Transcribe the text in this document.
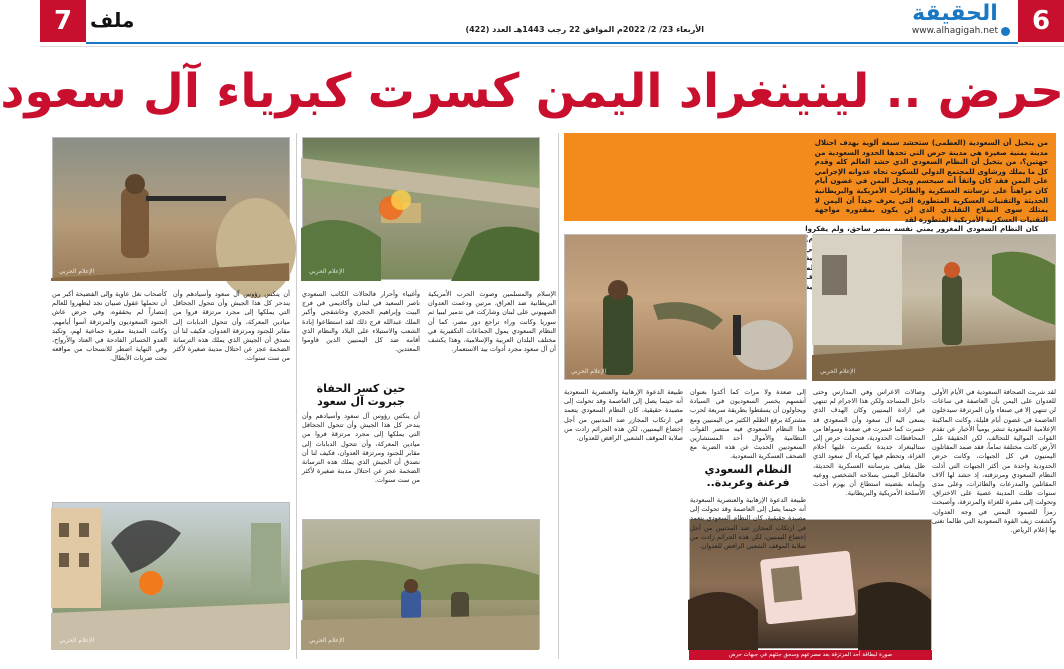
7 ملف	الأربعاء 23/ 2/ 2022م الموافق 22 رجب 1443هـ العدد (422)
الحقيقة
www.alhagigah.net	6
حرض .. لينينغراد اليمن كسرت كبرياء آل سعود

من يتخيل أن السعودية (العظمى) ستحشد سبعة ألوية بهدف احتلال مدينة يمنية صغيرة هي مدينة حرض التي تحدها الحدود السعودية من جهتين؟، من يتخيل أن النظام السعودي الذي حشد العالم كله وقدم كل ما يملك ورشاوى للمجتمع الدولي للسكوت تجاه عدوانه الإجرامي على اليمن فقد كان واثقاً أنه سيحسم ويحتل اليمن في غضون أيام كان مراهناً على ترسانته العسكرية والطائرات الأمريكية والبريطانية الحديثة والتقنيات العسكرية المتطورة التي يعرف جيداً أن اليمن لا يمتلك سوى السلاح التقليدي الذي لن يكون بمقدوره مواجهة التقنيات العسكرية الأمريكية المتطورة لقد

كان النظام السعودي المغرور يمني نفسه بنصر ساحق، ولم يفكروا في لم

الإعلام الحربي	الإعلام الحربي
الإعلام الحربي	الإعلام الحربي
الإعلام الحربي	الإعلام الحربي
صورة لبطاقة أحد المرتزقة بعد مصرعهم وسحق جثثهم في جبهات حرض
لقد شربت الصحافة السعودية في الأيام الأولى للعدوان على اليمن بأن العاصفة في ساعات لن تنتهي إلا في صنعاء وأن المرتزقة سيدخلون العاصمة في غضون أيام قليلة، وكانت الماكينة الإعلامية السعودية تنشر يومياً الأخبار عن تقدم القوات الموالية للتحالف، لكن الحقيقة على الأرض كانت مختلفة تماماً، فقد صمد المقاتلون اليمنيون في كل الجبهات، وكانت حرض الحدودية واحدة من أكثر الجبهات التي أذلت النظام السعودي ومرتزقته، إذ حشد لها آلاف المقاتلين والمدرعات والطائرات، وعلى مدى سنوات ظلت المدينة عصية على الاختراق، وتحولت إلى مقبرة للغزاة والمرتزقة، وأصبحت رمزاً للصمود اليمني في وجه العدوان، وكشفت زيف القوة السعودية التي طالما تغنى بها إعلام الرياض.
وصالات الاعراس وفي المدارس وحتى داخل المساجد ولكن هذا الاجرام لم تنتهي في ارادة اليمنيين وكان الهدف الذي يسعى اليه آل سعود وأن السعودي قد خسرت كما خسرت في صعدة وسواها من المحافظات الحدودية، فتحولت حرض إلى ستالينغراد جديدة تكسرت عليها أحلام الغزاة، وتحطم فيها كبرياء آل سعود الذي ظل يتباهى بترسانته العسكرية الحديثة، فالمقاتل اليمني بسلاحه الشخصي ووعيه وإيمانه بقضيته استطاع أن يهزم أحدث الأسلحة الأمريكية والبريطانية.
إلى صعدة ولا مرات كما أكدوا بعنوان أنفسهم يخسر السعوديون في السيادة ويحاولون أن يسقطوا بطريقة سريعة لحرب مشتركة برفع الظلم الكثير من اليمنيين ومع هذا النظام السعودي فيه منتصر القوات النظامية والأموال أحد المستشارين السعوديين الحديث عن هذه الضربة مع الصحف العسكرية السعودية.
النظام السعودي فرعنة وعربدة..
طبيعة الدعوة الإرهابية والعنصرية السعودية أنه حينما يصل إلى العاصمة وقد تحولت إلى مصيدة حقيقية، كان النظام السعودي يتعمد في ارتكاب المجازر ضد المدنيين من أجل إخضاع اليمنيين، لكن هذه الجرائم زادت من صلابة الموقف الشعبي الرافض للعدوان.
طبيعة الدعوة الإرهابية والعنصرية السعودية أنه حينما يصل إلى العاصمة وقد تحولت إلى مصيدة حقيقية، كان النظام السعودي يتعمد في ارتكاب المجازر ضد المدنيين من أجل إخضاع اليمنيين، لكن هذه الجرائم زادت من صلابة الموقف الشعبي الرافض للعدوان.
الإسلام والمسلمين وصوت الحرب الأمريكية البريطانية ضد العراق، مرتين ودعمت العدوان الصهيوني على لبنان وشاركت في تدمير ليبيا ثم سوريا وكانت وراء تراجع دور مصر، كما أن النظام السعودي يمول الجماعات التكفيرية في مختلف البلدان العربية والإسلامية، وهذا يكشف أن آل سعود مجرد أدوات بيد الاستعمار.
وأغبياء وأحرار فالحالات الكاتب السعودي ناصر السعيد في لبنان وأكاديمي في فرج البيت وإبراهيم الحجري وخاشقجي وأكبر الملك عبدالله فرج ذلك لقد استطاعوا إبادة الشعب والاستيلاء على البلاد والنظام الذي أقامه ضد كل اليمنيين الذين قاوموا المعتدين.
حين كسر الحفاة جبروت آل سعود
أن ينكس رؤوس آل سعود وأسيادهم وأن يندحر كل هذا الجيش وأن تتحول الجحافل التي يملكها إلى مجرد مرتزقة فروا من ميادين المعركة، وأن تتحول الدبابات إلى مقابر للجنود ومرتزقة العدوان، فكيف لنا أن نصدق أن الجيش الذي يملك هذه الترسانة الضخمة عجز عن احتلال مدينة صغيرة لأكثر من ست سنوات.
أن ينكس رؤوس آل سعود وأسيادهم وأن يندحر كل هذا الجيش وأن تتحول الجحافل التي يملكها إلى مجرد مرتزقة فروا من ميادين المعركة، وأن تتحول الدبابات إلى مقابر للجنود ومرتزقة العدوان، فكيف لنا أن نصدق أن الجيش الذي يملك هذه الترسانة الضخمة عجز عن احتلال مدينة صغيرة لأكثر من ست سنوات.
كأصحاب نغل عاوية وإلى الفضيحة أكبر من أن تحملها عقول صبيان نجد ليظهروا للعالم إنتصاراً لم يحققوه، وفي حرض عاش الجنود السعوديون والمرتزقة أسوأ أيامهم، وكانت المدينة مقبرة جماعية لهم، وتكبد العدو الخسائر الفادحة في العتاد والأرواح، وفي النهاية اضطر للانسحاب من مواقعه تحت ضربات الأبطال.
